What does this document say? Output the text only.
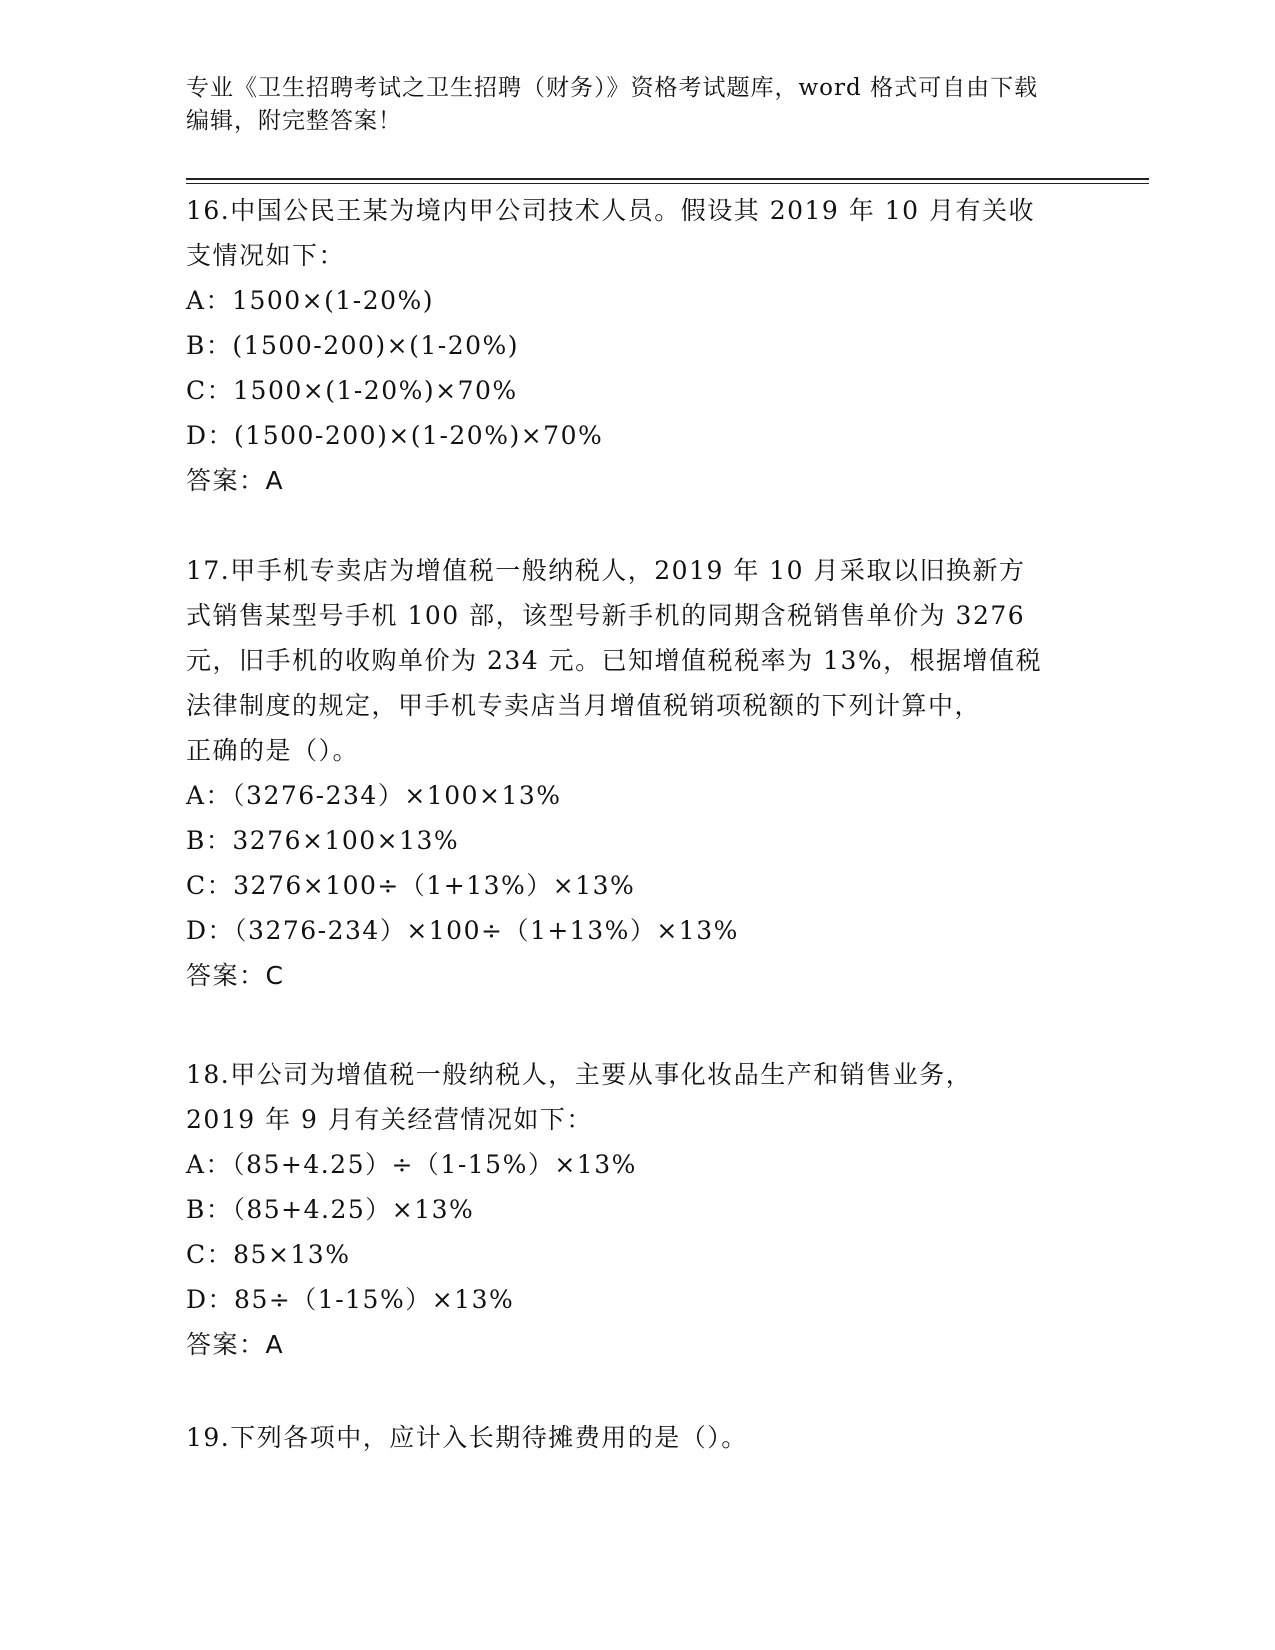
专业《卫生招聘考试之卫生招聘（财务）》资格考试题库，word 格式可自由下载
编辑，附完整答案！

16.中国公民王某为境内甲公司技术人员。假设其 2019 年 10 月有关收

支情况如下：

A：1500×(1-20%)

B：(1500-200)×(1-20%)

C：1500×(1-20%)×70%

D：(1500-200)×(1-20%)×70%

答案：A

17.甲手机专卖店为增值税一般纳税人，2019 年 10 月采取以旧换新方

式销售某型号手机 100 部，该型号新手机的同期含税销售单价为 3276

元，旧手机的收购单价为 234 元。已知增值税税率为 13%，根据增值税

法律制度的规定，甲手机专卖店当月增值税销项税额的下列计算中，

正确的是（）。

A：（3276-234）×100×13%

B：3276×100×13%

C：3276×100÷（1+13%）×13%

D：（3276-234）×100÷（1+13%）×13%

答案：C

18.甲公司为增值税一般纳税人，主要从事化妆品生产和销售业务，

2019 年 9 月有关经营情况如下：

A：（85+4.25）÷（1-15%）×13%

B：（85+4.25）×13%

C：85×13%

D：85÷（1-15%）×13%

答案：A

19.下列各项中，应计入长期待摊费用的是（）。
